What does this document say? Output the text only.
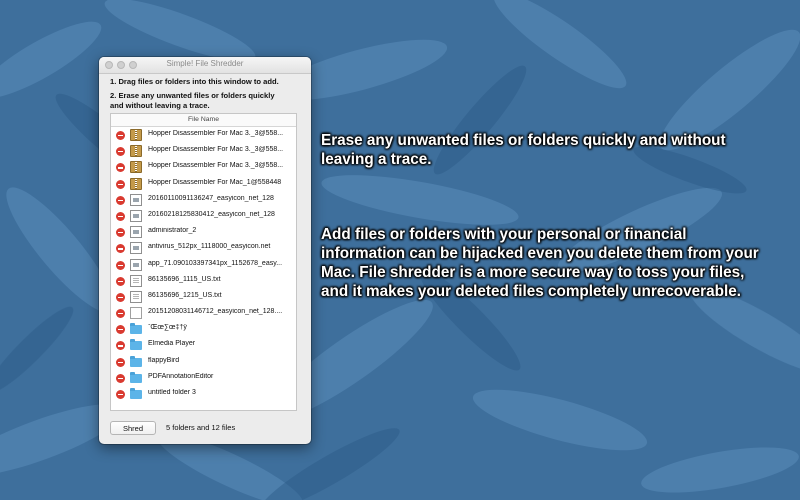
Simple! File Shredder
1. Drag files or folders into this window to add.
2. Erase any unwanted files or folders quickly
and without leaving a trace.
File Name
Hopper Disassembler For Mac 3._3@558...
Hopper Disassembler For Mac 3._3@558...
Hopper Disassembler For Mac 3._3@558...
Hopper Disassembler For Mac_1@558448
20160110091136247_easyicon_net_128
20160218125830412_easyicon_net_128
administrator_2
antivirus_512px_1118000_easyicon.net
app_71.090103397341px_1152678_easy...
86135696_1115_US.txt
86135696_1215_US.txt
20151208031146712_easyicon_net_128....
˜Œœ∑œ‡†ŷ
Elmedia Player
flappyBird
PDFAnnotationEditor
untitled folder 3
Shred	5 folders and 12 files
Erase any unwanted files or folders quickly and without
leaving a trace.
Add files or folders with your personal or financial
information can be hijacked even you delete them from your
Mac. File shredder is a more secure way to toss your files,
and it makes your deleted files completely unrecoverable.
